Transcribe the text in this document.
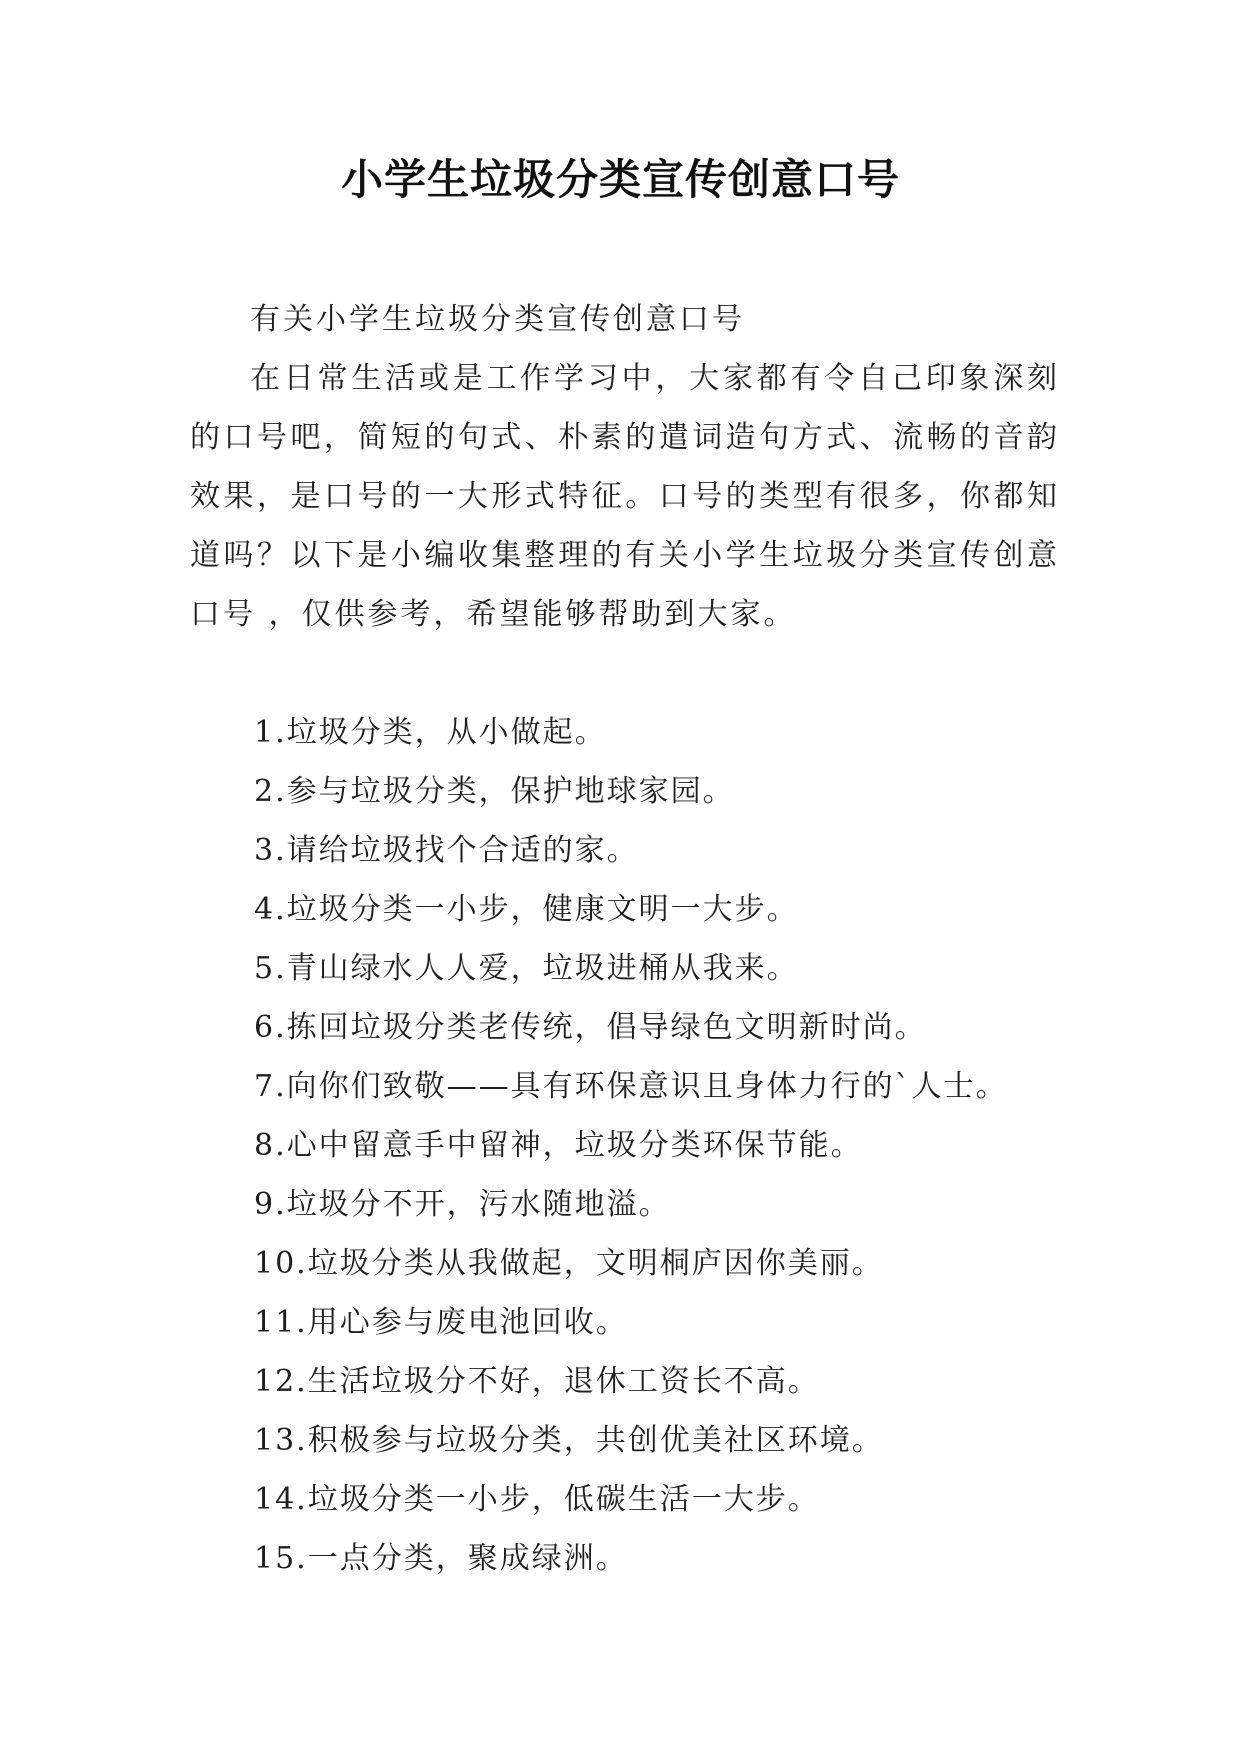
小学生垃圾分类宣传创意口号

有关小学生垃圾分类宣传创意口号

在日常生活或是工作学习中，大家都有令自己印象深刻的口号吧，简短的句式、朴素的遣词造句方式、流畅的音韵效果，是口号的一大形式特征。口号的类型有很多，你都知道吗？以下是小编收集整理的有关小学生垃圾分类宣传创意口号 ，仅供参考，希望能够帮助到大家。

1.垃圾分类，从小做起。
2.参与垃圾分类，保护地球家园。
3.请给垃圾找个合适的家。
4.垃圾分类一小步，健康文明一大步。
5.青山绿水人人爱，垃圾进桶从我来。
6.拣回垃圾分类老传统，倡导绿色文明新时尚。
7.向你们致敬——具有环保意识且身体力行的`人士。
8.心中留意手中留神，垃圾分类环保节能。
9.垃圾分不开，污水随地溢。
10.垃圾分类从我做起，文明桐庐因你美丽。
11.用心参与废电池回收。
12.生活垃圾分不好，退休工资长不高。
13.积极参与垃圾分类，共创优美社区环境。
14.垃圾分类一小步，低碳生活一大步。
15.一点分类，聚成绿洲。
